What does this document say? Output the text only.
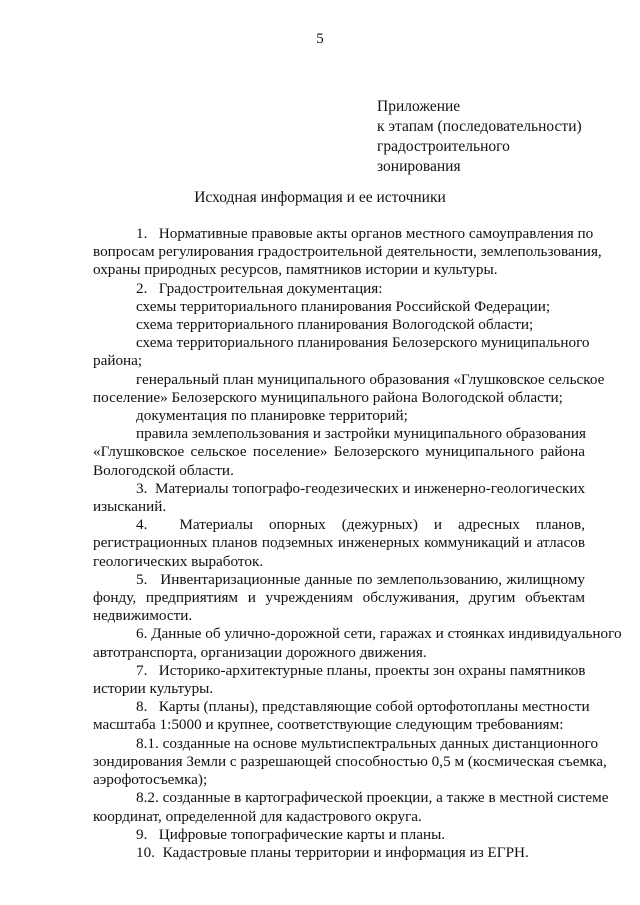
5
Приложение
к этапам (последовательности)
градостроительного
зонирования
Исходная информация и ее источники
1.   Нормативные правовые акты органов местного самоуправления по
вопросам регулирования градостроительной деятельности, землепользования,
охраны природных ресурсов, памятников истории и культуры.
2.   Градостроительная документация:
схемы территориального планирования Российской Федерации;
схема территориального планирования Вологодской области;
схема территориального планирования Белозерского муниципального
района;
генеральный план муниципального образования «Глушковское сельское
поселение» Белозерского муниципального района Вологодской области;
документация по планировке территорий;
правила землепользования и застройки муниципального образования
«Глушковское сельское поселение» Белозерского муниципального района
Вологодской области.
3.  Материалы топографо-геодезических и инженерно-геологических
изысканий.
4.  Материалы опорных (дежурных) и адресных планов,
регистрационных планов подземных инженерных коммуникаций и атласов
геологических выработок.
5.   Инвентаризационные данные по землепользованию, жилищному
фонду, предприятиям и учреждениям обслуживания, другим объектам
недвижимости.
6. Данные об улично-дорожной сети, гаражах и стоянках индивидуального
автотранспорта, организации дорожного движения.
7.   Историко-архитектурные планы, проекты зон охраны памятников
истории культуры.
8.   Карты (планы), представляющие собой ортофотопланы местности
масштаба 1:5000 и крупнее, соответствующие следующим требованиям:
8.1. созданные на основе мультиспектральных данных дистанционного
зондирования Земли с разрешающей способностью 0,5 м (космическая съемка,
аэрофотосъемка);
8.2. созданные в картографической проекции, а также в местной системе
координат, определенной для кадастрового округа.
9.   Цифровые топографические карты и планы.
10.  Кадастровые планы территории и информация из ЕГРН.
